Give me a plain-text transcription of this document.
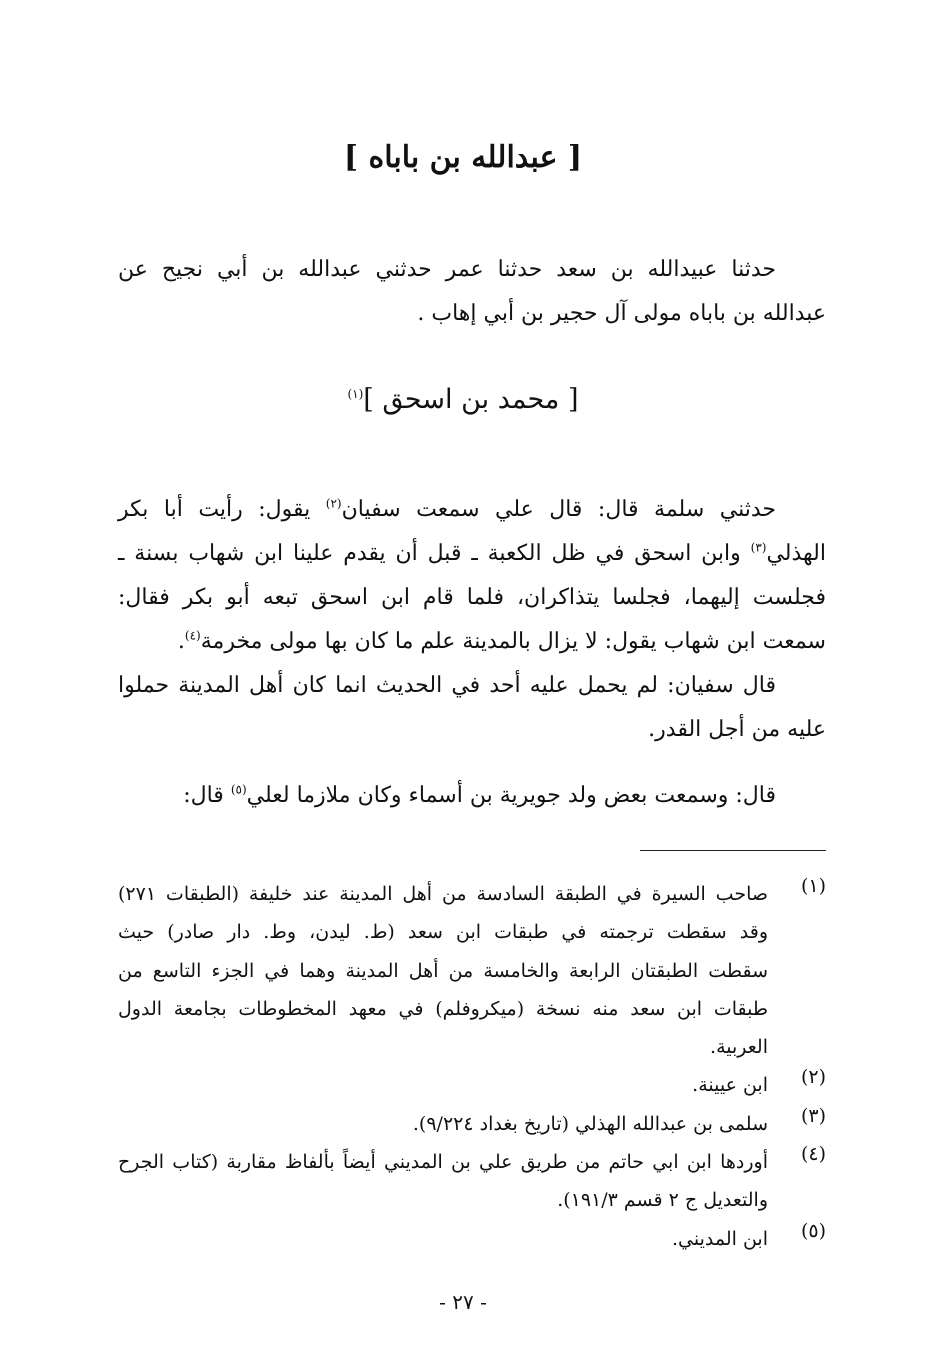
[ عبدالله بن باباه ]
حدثنا عبيدالله بن سعد حدثنا عمر حدثني عبدالله بن أبي نجيح عن
عبدالله بن باباه مولى آل حجير بن أبي إهاب .
[ محمد بن اسحق ]$^{(١)}$
حدثني سلمة قال: قال علي سمعت سفيان$^{(٢)}$ يقول: رأيت أبا بكر
الهذلي$^{(٣)}$ وابن اسحق في ظل الكعبة ـ قبل أن يقدم علينا ابن شهاب بسنة ـ
فجلست إليهما، فجلسا يتذاكران، فلما قام ابن اسحق تبعه أبو بكر فقال:
سمعت ابن شهاب يقول: لا يزال بالمدينة علم ما كان بها مولى مخرمة$^{(٤)}$.
قال سفيان: لم يحمل عليه أحد في الحديث انما كان أهل المدينة حملوا
عليه من أجل القدر.
قال: وسمعت بعض ولد جويرية بن أسماء وكان ملازما لعلي$^{(٥)}$ قال:
(١)
صاحب السيرة في الطبقة السادسة من أهل المدينة عند خليفة (الطبقات ٢٧١)
وقد سقطت ترجمته في طبقات ابن سعد (ط. ليدن، وط. دار صادر) حيث
سقطت الطبقتان الرابعة والخامسة من أهل المدينة وهما في الجزء التاسع من
طبقات ابن سعد منه نسخة (ميكروفلم) في معهد المخطوطات بجامعة الدول
العربية.
(٢)
ابن عيينة.
(٣)
سلمى بن عبدالله الهذلي (تاريخ بغداد ٩/٢٢٤).
(٤)
أوردها ابن ابي حاتم من طريق علي بن المديني أيضاً بألفاظ مقاربة (كتاب الجرح
والتعديل ج ٢ قسم ١٩١/٣).
(٥)
ابن المديني.
- ٢٧ -
